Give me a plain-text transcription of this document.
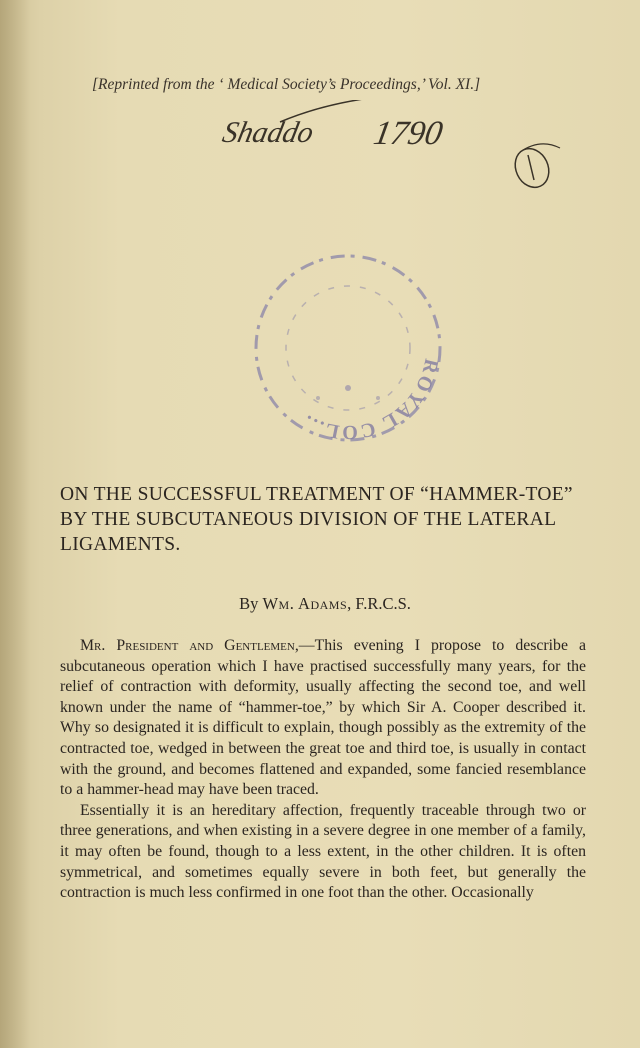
[Reprinted from the ‘ Medical Society’s Proceedings,’ Vol. XI.]
Shaddo 1790
ROYAL COL...
ON THE SUCCESSFUL TREATMENT OF “HAMMER-TOE” BY THE SUBCUTANEOUS DIVISION OF THE LATERAL LIGAMENTS.
By Wm. Adams, F.R.C.S.

Mr. President and Gentlemen,—This evening I propose to describe a subcutaneous operation which I have practised successfully many years, for the relief of contraction with deformity, usually affecting the second toe, and well known under the name of “hammer-toe,” by which Sir A. Cooper described it. Why so designated it is difficult to explain, though possibly as the extremity of the contracted toe, wedged in between the great toe and third toe, is usually in contact with the ground, and becomes flattened and expanded, some fancied resemblance to a hammer-head may have been traced.

Essentially it is an hereditary affection, frequently traceable through two or three generations, and when existing in a severe degree in one member of a family, it may often be found, though to a less extent, in the other children. It is often symmetrical, and sometimes equally severe in both feet, but generally the contraction is much less confirmed in one foot than the other. Occasionally
